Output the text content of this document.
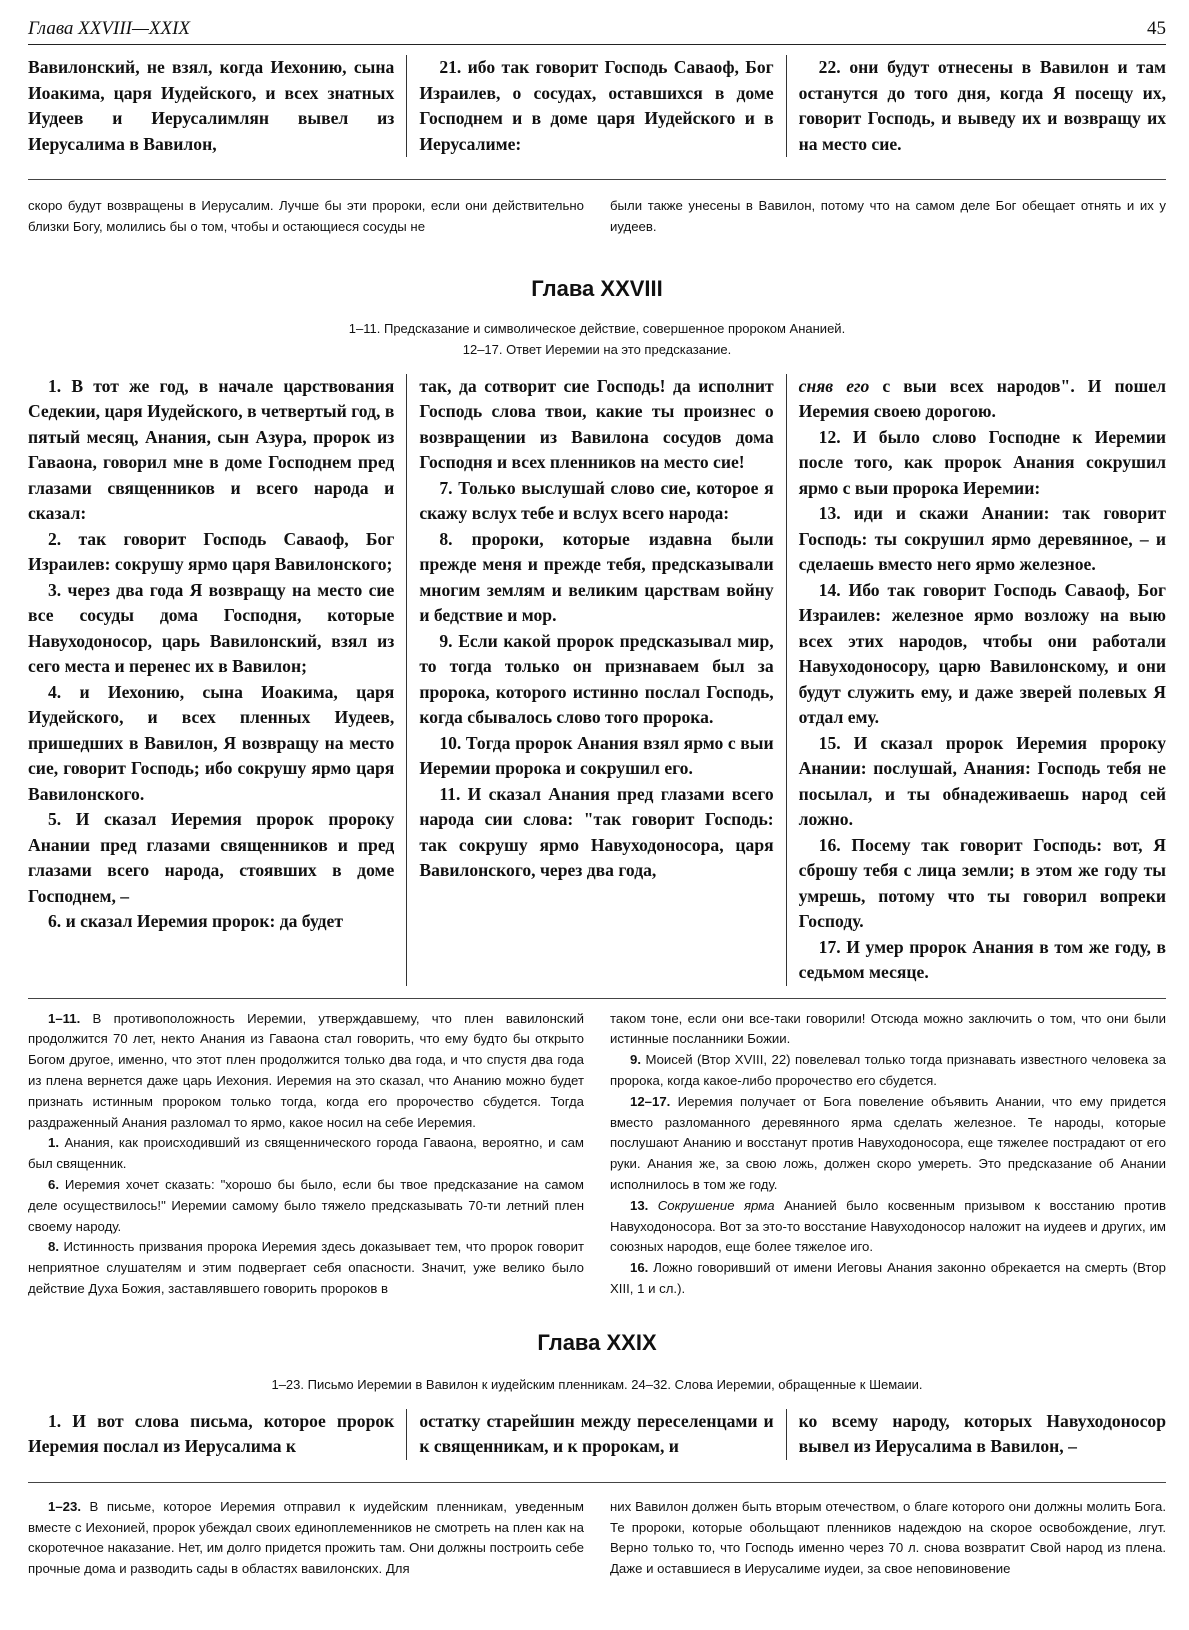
Глава XXVIII—XXIX	45

Вавилонский, не взял, когда Иехонию, сына Иоакима, царя Иудейского, и всех знатных Иудеев и Иерусалимлян вывел из Иерусалима в Вавилон,

21. ибо так говорит Господь Саваоф, Бог Израилев, о сосудах, оставшихся в доме Господнем и в доме царя Иудейского и в Иерусалиме:

22. они будут отнесены в Вавилон и там останутся до того дня, когда Я посещу их, говорит Господь, и выведу их и возвращу их на место сие.

скоро будут возвращены в Иерусалим. Лучше бы эти пророки, если они действительно близки Богу, молились бы о том, чтобы и остающиеся сосуды не

были также унесены в Вавилон, потому что на самом деле Бог обещает отнять и их у иудеев.

Глава XXVIII
1–11. Предсказание и символическое действие, совершенное пророком Ананией.
12–17. Ответ Иеремии на это предсказание.

1. В тот же год, в начале царствования Седекии, царя Иудейского, в четвертый год, в пятый месяц, Анания, сын Азура, пророк из Гаваона, говорил мне в доме Господнем пред глазами священников и всего народа и сказал:

2. так говорит Господь Саваоф, Бог Израилев: сокрушу ярмо царя Вавилонского;

3. через два года Я возвращу на место сие все сосуды дома Господня, которые Навуходоносор, царь Вавилонский, взял из сего места и перенес их в Вавилон;

4. и Иехонию, сына Иоакима, царя Иудейского, и всех пленных Иудеев, пришедших в Вавилон, Я возвращу на место сие, говорит Господь; ибо сокрушу ярмо царя Вавилонского.

5. И сказал Иеремия пророк пророку Анании пред глазами священников и пред глазами всего народа, стоявших в доме Господнем, –

6. и сказал Иеремия пророк: да будет

так, да сотворит сие Господь! да исполнит Господь слова твои, какие ты произнес о возвращении из Вавилона сосудов дома Господня и всех пленников на место сие!

7. Только выслушай слово сие, которое я скажу вслух тебе и вслух всего народа:

8. пророки, которые издавна были прежде меня и прежде тебя, предсказывали многим землям и великим царствам войну и бедствие и мор.

9. Если какой пророк предсказывал мир, то тогда только он признаваем был за пророка, которого истинно послал Господь, когда сбывалось слово того пророка.

10. Тогда пророк Анания взял ярмо с выи Иеремии пророка и сокрушил его.

11. И сказал Анания пред глазами всего народа сии слова: "так говорит Господь: так сокрушу ярмо Навуходоносора, царя Вавилонского, через два года,

сняв его с выи всех народов". И пошел Иеремия своею дорогою.

12. И было слово Господне к Иеремии после того, как пророк Анания сокрушил ярмо с выи пророка Иеремии:

13. иди и скажи Анании: так говорит Господь: ты сокрушил ярмо деревянное, – и сделаешь вместо него ярмо железное.

14. Ибо так говорит Господь Саваоф, Бог Израилев: железное ярмо возложу на выю всех этих народов, чтобы они работали Навуходоносору, царю Вавилонскому, и они будут служить ему, и даже зверей полевых Я отдал ему.

15. И сказал пророк Иеремия пророку Анании: послушай, Анания: Господь тебя не посылал, и ты обнадеживаешь народ сей ложно.

16. Посему так говорит Господь: вот, Я сброшу тебя с лица земли; в этом же году ты умрешь, потому что ты говорил вопреки Господу.

17. И умер пророк Анания в том же году, в седьмом месяце.

1–11. В противоположность Иеремии, утверждавшему, что плен вавилонский продолжится 70 лет, некто Анания из Гаваона стал говорить, что ему будто бы открыто Богом другое, именно, что этот плен продолжится только два года, и что спустя два года из плена вернется даже царь Иехония. Иеремия на это сказал, что Ананию можно будет признать истинным пророком только тогда, когда его пророчество сбудется. Тогда раздраженный Анания разломал то ярмо, какое носил на себе Иеремия.

1. Анания, как происходивший из священнического города Гаваона, вероятно, и сам был священник.

6. Иеремия хочет сказать: "хорошо бы было, если бы твое предсказание на самом деле осуществилось!" Иеремии самому было тяжело предсказывать 70-ти летний плен своему народу.

8. Истинность призвания пророка Иеремия здесь доказывает тем, что пророк говорит неприятное слушателям и этим подвергает себя опасности. Значит, уже велико было действие Духа Божия, заставлявшего говорить пророков в

таком тоне, если они все-таки говорили! Отсюда можно заключить о том, что они были истинные посланники Божии.

9. Моисей (Втор XVIII, 22) повелевал только тогда признавать известного человека за пророка, когда какое-либо пророчество его сбудется.

12–17. Иеремия получает от Бога повеление объявить Анании, что ему придется вместо разломанного деревянного ярма сделать железное. Те народы, которые послушают Ананию и восстанут против Навуходоносора, еще тяжелее пострадают от его руки. Анания же, за свою ложь, должен скоро умереть. Это предсказание об Анании исполнилось в том же году.

13. Сокрушение ярма Ананией было косвенным призывом к восстанию против Навуходоносора. Вот за это-то восстание Навуходоносор наложит на иудеев и других, им союзных народов, еще более тяжелое иго.

16. Ложно говоривший от имени Иеговы Анания законно обрекается на смерть (Втор XIII, 1 и сл.).

Глава XXIX
1–23. Письмо Иеремии в Вавилон к иудейским пленникам. 24–32. Слова Иеремии, обращенные к Шемаии.

1. И вот слова письма, которое пророк Иеремия послал из Иерусалима к

остатку старейшин между переселенцами и к священникам, и к пророкам, и

ко всему народу, которых Навуходоносор вывел из Иерусалима в Вавилон, –

1–23. В письме, которое Иеремия отправил к иудейским пленникам, уведенным вместе с Иехонией, пророк убеждал своих единоплеменников не смотреть на плен как на скоротечное наказание. Нет, им долго придется прожить там. Они должны построить себе прочные дома и разводить сады в областях вавилонских. Для

них Вавилон должен быть вторым отечеством, о благе которого они должны молить Бога. Те пророки, которые обольщают пленников надеждою на скорое освобождение, лгут. Верно только то, что Господь именно через 70 л. снова возвратит Свой народ из плена. Даже и оставшиеся в Иерусалиме иудеи, за свое неповиновение
